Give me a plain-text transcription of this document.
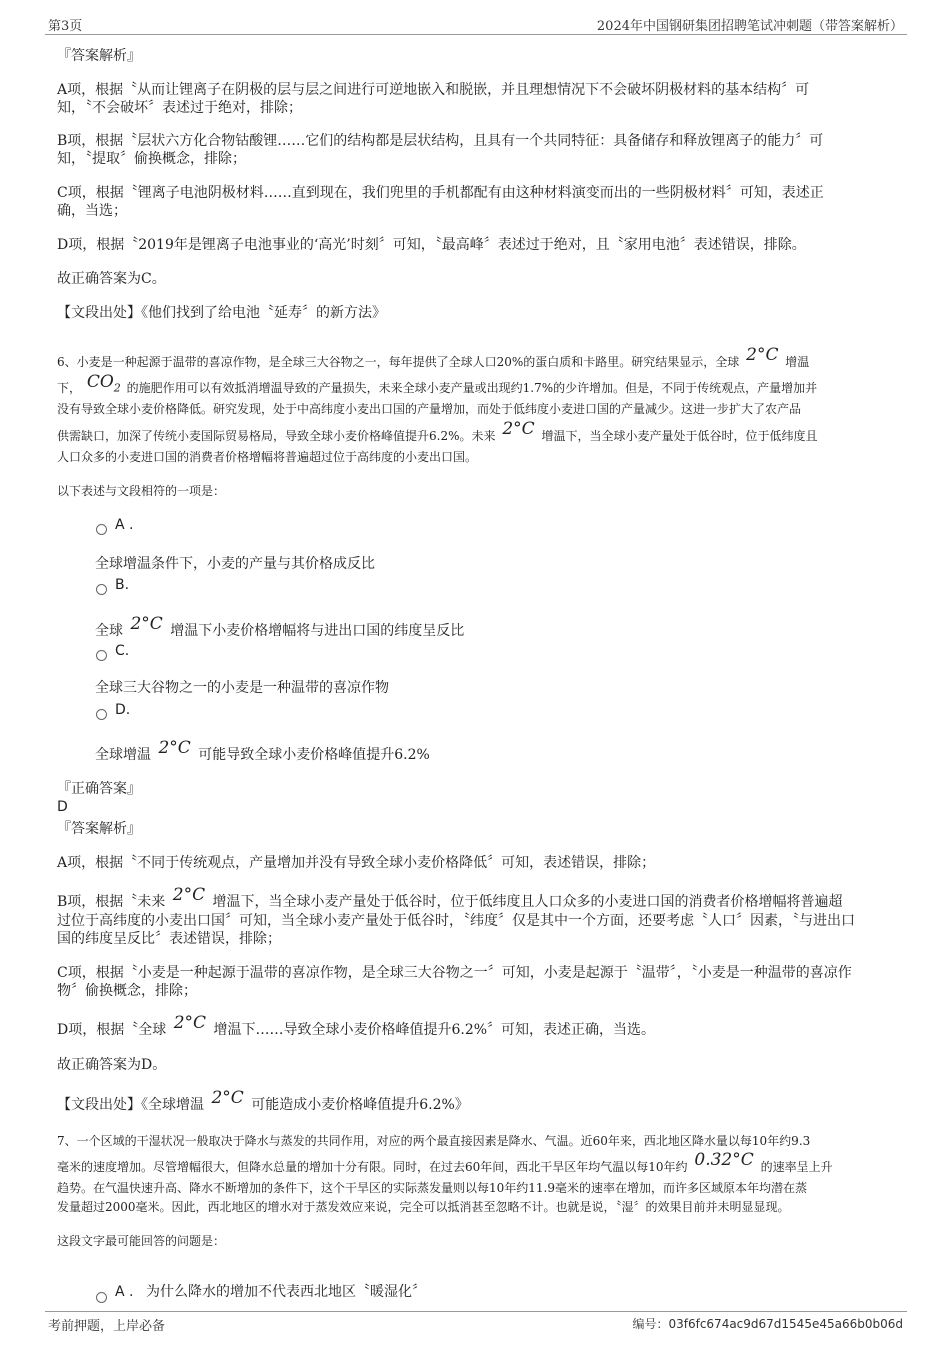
第3页	2024年中国钢研集团招聘笔试冲刺题（带答案解析）
『答案解析』
A项，根据〝从而让锂离子在阴极的层与层之间进行可逆地嵌入和脱嵌，并且理想情况下不会破坏阴极材料的基本结构〞可
知，〝不会破坏〞表述过于绝对，排除；
B项，根据〝层状六方化合物钴酸锂……它们的结构都是层状结构，且具有一个共同特征：具备储存和释放锂离子的能力〞可
知，〝提取〞偷换概念，排除；
C项，根据〝锂离子电池阴极材料……直到现在，我们兜里的手机都配有由这种材料演变而出的一些阴极材料〞可知，表述正
确，当选；
D项，根据〝2019年是锂离子电池事业的‘高光’时刻〞可知，〝最高峰〞表述过于绝对，且〝家用电池〞表述错误，排除。
故正确答案为C。
【文段出处】《他们找到了给电池〝延寿〞的新方法》
6、小麦是一种起源于温带的喜凉作物，是全球三大谷物之一，每年提供了全球人口20%的蛋白质和卡路里。研究结果显示，全球 2°C 增温
下， $CO_2$ 的施肥作用可以有效抵消增温导致的产量损失，未来全球小麦产量或出现约1.7%的少许增加。但是，不同于传统观点，产量增加并
没有导致全球小麦价格降低。研究发现，处于中高纬度小麦出口国的产量增加，而处于低纬度小麦进口国的产量减少。这进一步扩大了农产品
供需缺口，加深了传统小麦国际贸易格局，导致全球小麦价格峰值提升6.2%。未来 2°C 增温下，当全球小麦产量处于低谷时，位于低纬度且
人口众多的小麦进口国的消费者价格增幅将普遍超过位于高纬度的小麦出口国。
以下表述与文段相符的一项是：
A .
全球增温条件下，小麦的产量与其价格成反比
B.
全球 2°C 增温下小麦价格增幅将与进出口国的纬度呈反比
C.
全球三大谷物之一的小麦是一种温带的喜凉作物
D.
全球增温 2°C 可能导致全球小麦价格峰值提升6.2%
『正确答案』
D
『答案解析』
A项，根据〝不同于传统观点，产量增加并没有导致全球小麦价格降低〞可知，表述错误，排除；
B项，根据〝未来 2°C 增温下，当全球小麦产量处于低谷时，位于低纬度且人口众多的小麦进口国的消费者价格增幅将普遍超
过位于高纬度的小麦出口国〞可知，当全球小麦产量处于低谷时，〝纬度〞仅是其中一个方面，还要考虑〝人口〞因素，〝与进出口
国的纬度呈反比〞表述错误，排除；
C项，根据〝小麦是一种起源于温带的喜凉作物，是全球三大谷物之一〞可知，小麦是起源于〝温带〞，〝小麦是一种温带的喜凉作
物〞偷换概念，排除；
D项，根据〝全球 2°C 增温下……导致全球小麦价格峰值提升6.2%〞可知，表述正确，当选。
故正确答案为D。
【文段出处】《全球增温 2°C 可能造成小麦价格峰值提升6.2%》
7、一个区域的干湿状况一般取决于降水与蒸发的共同作用，对应的两个最直接因素是降水、气温。近60年来，西北地区降水量以每10年约9.3
毫米的速度增加。尽管增幅很大，但降水总量的增加十分有限。同时，在过去60年间，西北干旱区年均气温以每10年约 0.32°C 的速率呈上升
趋势。在气温快速升高、降水不断增加的条件下，这个干旱区的实际蒸发量则以每10年约11.9毫米的速率在增加，而许多区域原本年均潜在蒸
发量超过2000毫米。因此，西北地区的增水对于蒸发效应来说，完全可以抵消甚至忽略不计。也就是说，〝湿〞的效果目前并未明显显现。
这段文字最可能回答的问题是：
A . 为什么降水的增加不代表西北地区〝暖湿化〞
考前押题，上岸必备	编号：03f6fc674ac9d67d1545e45a66b0b06d
